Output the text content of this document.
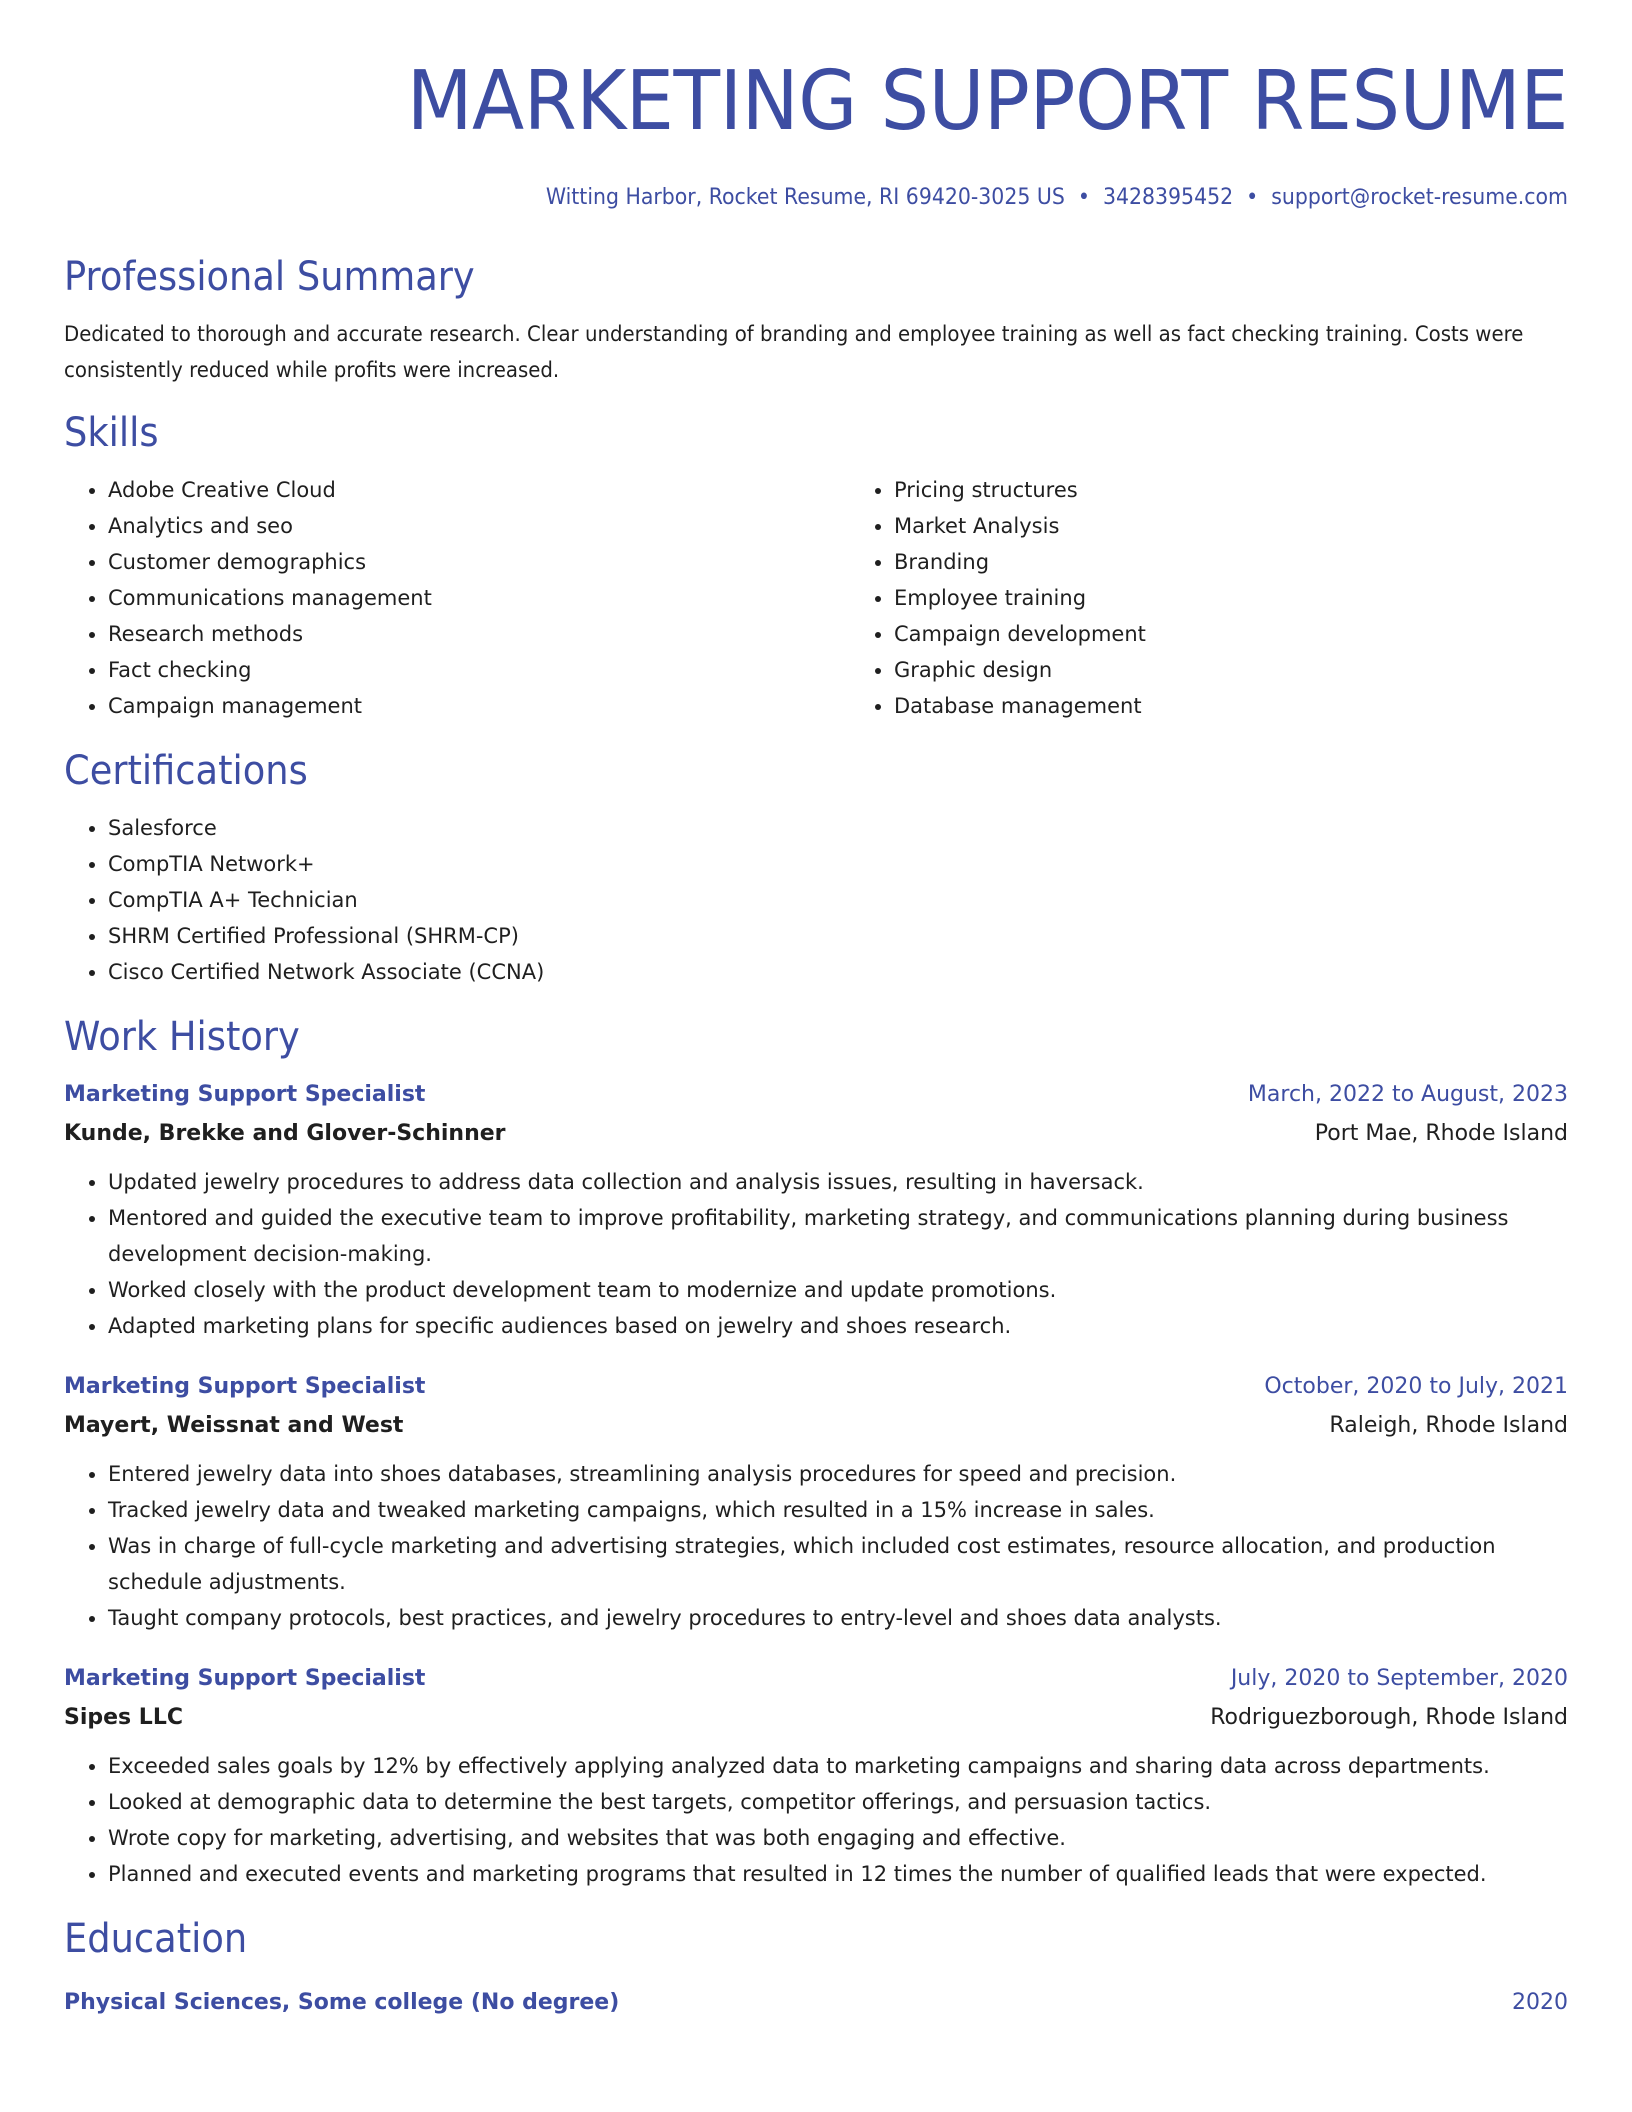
MARKETING SUPPORT RESUME
Witting Harbor, Rocket Resume, RI 69420-3025 US • 3428395452 • support@rocket-resume.com
Professional Summary

Dedicated to thorough and accurate research. Clear understanding of branding and employee training as well as fact checking training. Costs were consistently reduced while profits were increased.

Skills
• Adobe Creative Cloud
• Analytics and seo
• Customer demographics
• Communications management
• Research methods
• Fact checking
• Campaign management
• Pricing structures
• Market Analysis
• Branding
• Employee training
• Campaign development
• Graphic design
• Database management
Certifications
• Salesforce
• CompTIA Network+
• CompTIA A+ Technician
• SHRM Certified Professional (SHRM-CP)
• Cisco Certified Network Associate (CCNA)
Work History
Marketing Support Specialist	March, 2022 to August, 2023
Kunde, Brekke and Glover-Schinner	Port Mae, Rhode Island
• Updated jewelry procedures to address data collection and analysis issues, resulting in haversack.
• Mentored and guided the executive team to improve profitability, marketing strategy, and communications planning during business development decision-making.
• Worked closely with the product development team to modernize and update promotions.
• Adapted marketing plans for specific audiences based on jewelry and shoes research.
Marketing Support Specialist	October, 2020 to July, 2021
Mayert, Weissnat and West	Raleigh, Rhode Island
• Entered jewelry data into shoes databases, streamlining analysis procedures for speed and precision.
• Tracked jewelry data and tweaked marketing campaigns, which resulted in a 15% increase in sales.
• Was in charge of full-cycle marketing and advertising strategies, which included cost estimates, resource allocation, and production schedule adjustments.
• Taught company protocols, best practices, and jewelry procedures to entry-level and shoes data analysts.
Marketing Support Specialist	July, 2020 to September, 2020
Sipes LLC	Rodriguezborough, Rhode Island
• Exceeded sales goals by 12% by effectively applying analyzed data to marketing campaigns and sharing data across departments.
• Looked at demographic data to determine the best targets, competitor offerings, and persuasion tactics.
• Wrote copy for marketing, advertising, and websites that was both engaging and effective.
• Planned and executed events and marketing programs that resulted in 12 times the number of qualified leads that were expected.
Education
Physical Sciences, Some college (No degree)	2020
